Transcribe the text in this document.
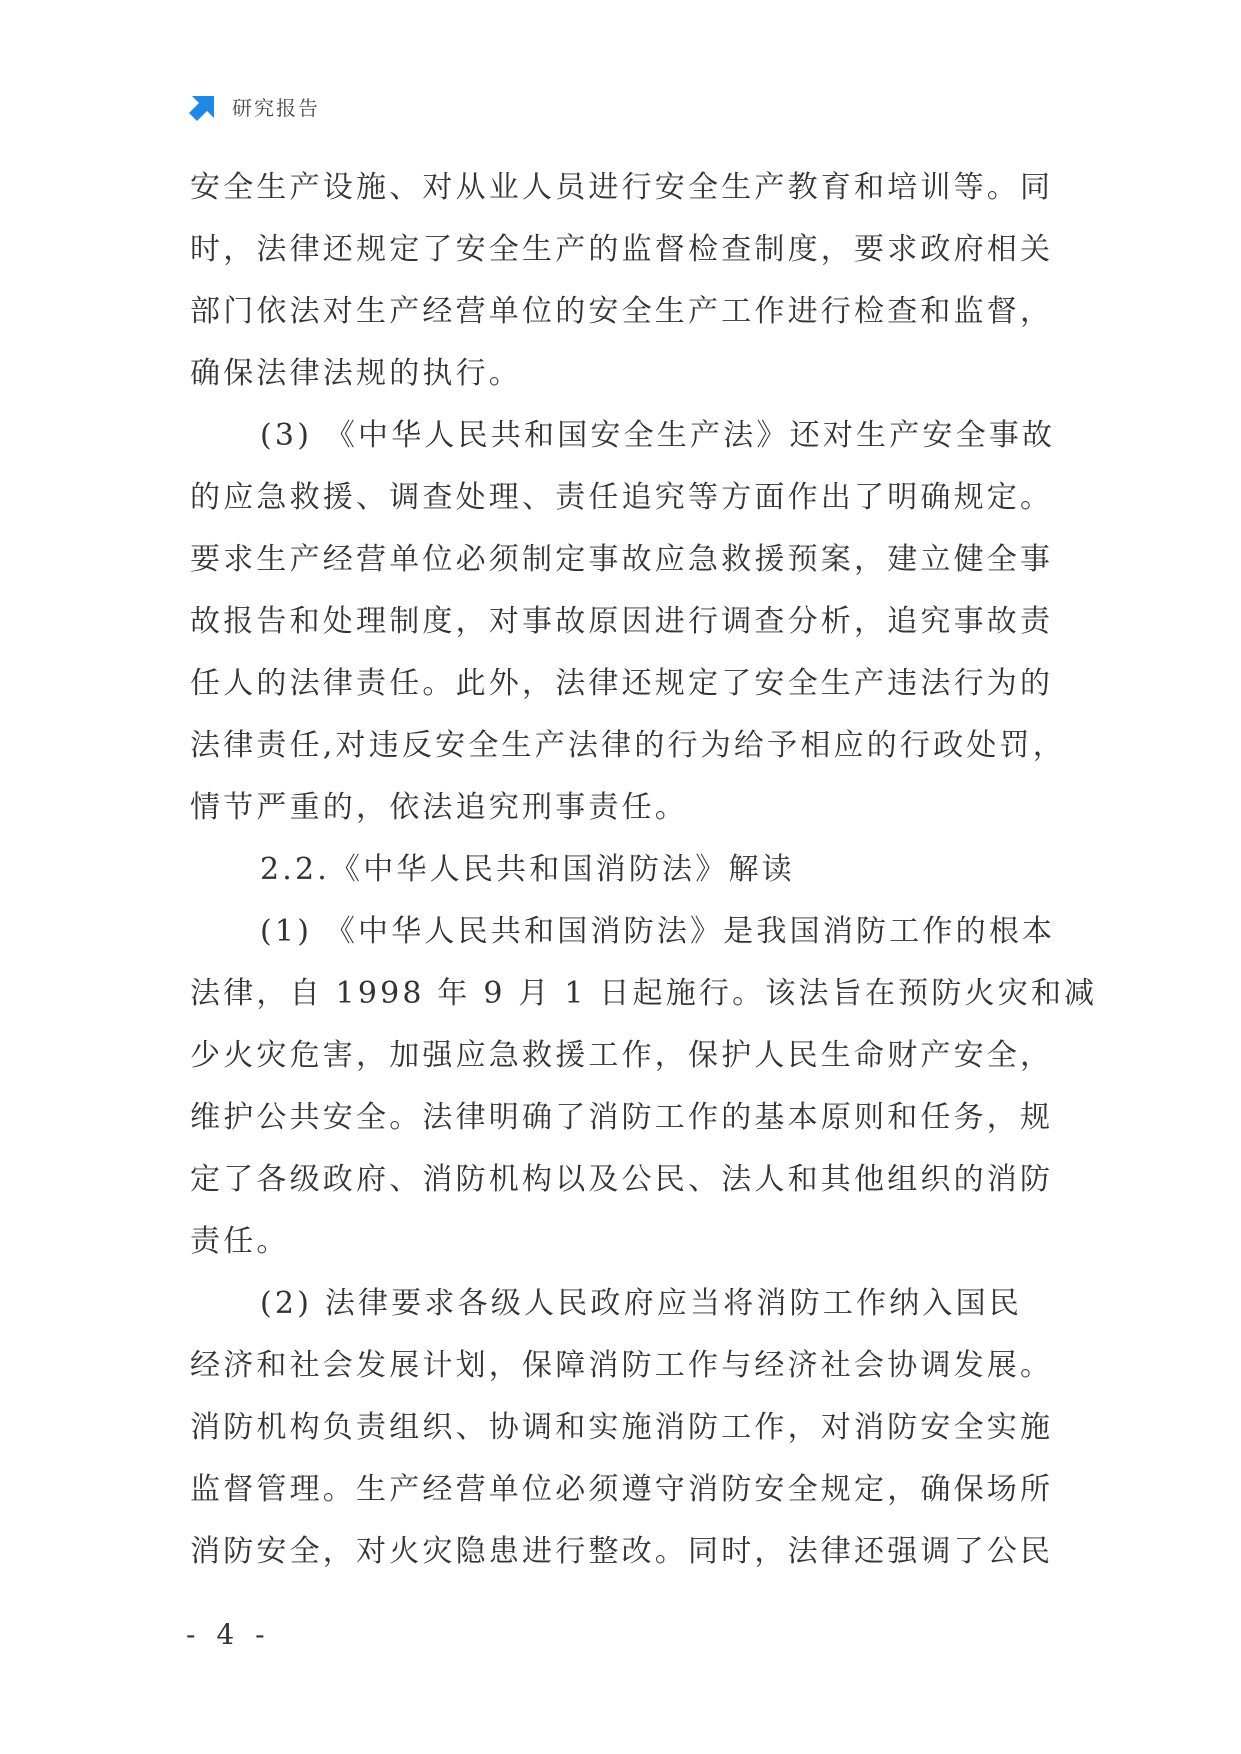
研究报告

安全生产设施、对从业人员进行安全生产教育和培训等。同

时，法律还规定了安全生产的监督检查制度，要求政府相关

部门依法对生产经营单位的安全生产工作进行检查和监督，

确保法律法规的执行。

(3) 《中华人民共和国安全生产法》还对生产安全事故

的应急救援、调查处理、责任追究等方面作出了明确规定。

要求生产经营单位必须制定事故应急救援预案，建立健全事

故报告和处理制度，对事故原因进行调查分析，追究事故责

任人的法律责任。此外，法律还规定了安全生产违法行为的

法律责任,对违反安全生产法律的行为给予相应的行政处罚，

情节严重的，依法追究刑事责任。

2.2.《中华人民共和国消防法》解读

(1) 《中华人民共和国消防法》是我国消防工作的根本

法律，自 1998 年 9 月 1 日起施行。该法旨在预防火灾和减

少火灾危害，加强应急救援工作，保护人民生命财产安全，

维护公共安全。法律明确了消防工作的基本原则和任务，规

定了各级政府、消防机构以及公民、法人和其他组织的消防

责任。

(2) 法律要求各级人民政府应当将消防工作纳入国民

经济和社会发展计划，保障消防工作与经济社会协调发展。

消防机构负责组织、协调和实施消防工作，对消防安全实施

监督管理。生产经营单位必须遵守消防安全规定，确保场所

消防安全，对火灾隐患进行整改。同时，法律还强调了公民

- 4 -
